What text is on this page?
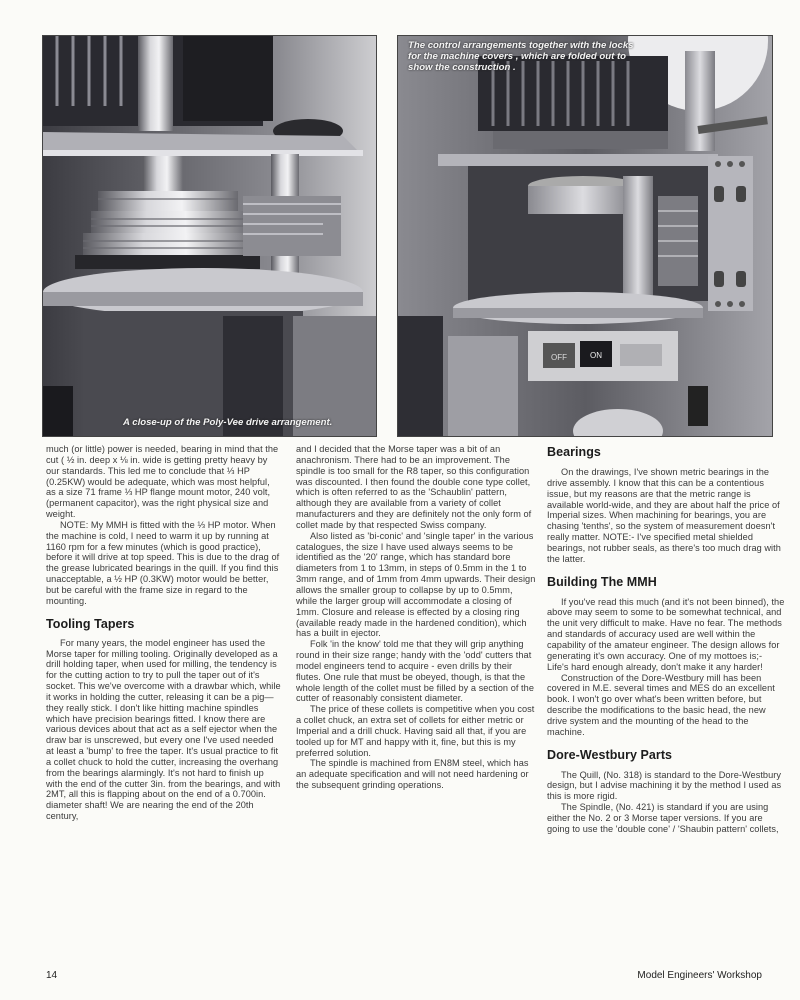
A close-up of the Poly-Vee drive arrangement.
OFF	ON
The control arrangements together with the locks for the machine covers , which are folded out to show the construction .

much (or little) power is needed, bearing in mind that the cut ( ½ in. deep x ⅛ in. wide is getting pretty heavy by our standards. This led me to conclude that ⅓ HP (0.25KW) would be adequate, which was most helpful, as a size 71 frame ⅓ HP flange mount motor, 240 volt, (permanent capacitor), was the right physical size and weight.

NOTE: My MMH is fitted with the ⅓ HP motor. When the machine is cold, I need to warm it up by running at 1160 rpm for a few minutes (which is good practice), before it will drive at top speed. This is due to the drag of the grease lubricated bearings in the quill. If you find this unacceptable, a ½ HP (0.3KW) motor would be better, but be careful with the frame size in regard to the mounting.

Tooling Tapers

For many years, the model engineer has used the Morse taper for milling tooling. Originally developed as a drill holding taper, when used for milling, the tendency is for the cutting action to try to pull the taper out of it's socket. This we've overcome with a drawbar which, while it works in holding the cutter, releasing it can be a pig— they really stick. I don't like hitting machine spindles which have precision bearings fitted. I know there are various devices about that act as a self ejector when the draw bar is unscrewed, but every one I've used needed at least a 'bump' to free the taper. It's usual practice to fit a collet chuck to hold the cutter, increasing the overhang from the bearings alarmingly. It's not hard to finish up with the end of the cutter 3in. from the bearings, and with 2MT, all this is flapping about on the end of a 0.700in. diameter shaft! We are nearing the end of the 20th century,

and I decided that the Morse taper was a bit of an anachronism. There had to be an improvement. The spindle is too small for the R8 taper, so this configuration was discounted. I then found the double cone type collet, which is often referred to as the 'Schaublin' pattern, although they are available from a variety of collet manufacturers and they are definitely not the only form of collet made by that respected Swiss company.

Also listed as 'bi-conic' and 'single taper' in the various catalogues, the size I have used always seems to be identified as the '20' range, which has standard bore diameters from 1 to 13mm, in steps of 0.5mm in the 1 to 3mm range, and of 1mm from 4mm upwards. Their design allows the smaller group to collapse by up to 0.5mm, while the larger group will accommodate a closing of 1mm. Closure and release is effected by a closing ring (available ready made in the hardened condition), which has a built in ejector.

Folk 'in the know' told me that they will grip anything round in their size range; handy with the 'odd' cutters that model engineers tend to acquire - even drills by their flutes. One rule that must be obeyed, though, is that the whole length of the collet must be filled by a section of the cutter of reasonably consistent diameter.

The price of these collets is competitive when you cost a collet chuck, an extra set of collets for either metric or Imperial and a drill chuck. Having said all that, if you are tooled up for MT and happy with it, fine, but this is my preferred solution.

The spindle is machined from EN8M steel, which has an adequate specification and will not need hardening or the subsequent grinding operations.

Bearings

On the drawings, I've shown metric bearings in the drive assembly. I know that this can be a contentious issue, but my reasons are that the metric range is available world-wide, and they are about half the price of Imperial sizes. When machining for bearings, you are chasing 'tenths', so the system of measurement doesn't really matter. NOTE:- I've specified metal shielded bearings, not rubber seals, as there's too much drag with the latter.

Building The MMH

If you've read this much (and it's not been binned), the above may seem to some to be somewhat technical, and the unit very difficult to make. Have no fear. The methods and standards of accuracy used are well within the capability of the amateur engineer. The design allows for generating it's own accuracy. One of my mottoes is;- Life's hard enough already, don't make it any harder!

Construction of the Dore-Westbury mill has been covered in M.E. several times and MES do an excellent book. I won't go over what's been written before, but describe the modifications to the basic head, the new drive system and the mounting of the head to the machine.

Dore-Westbury Parts

The Quill, (No. 318) is standard to the Dore-Westbury design, but I advise machining it by the method I used as this is more rigid.

The Spindle, (No. 421) is standard if you are using either the No. 2 or 3 Morse taper versions. If you are going to use the 'double cone' / 'Shaubin pattern' collets,

14	Model Engineers' Workshop
